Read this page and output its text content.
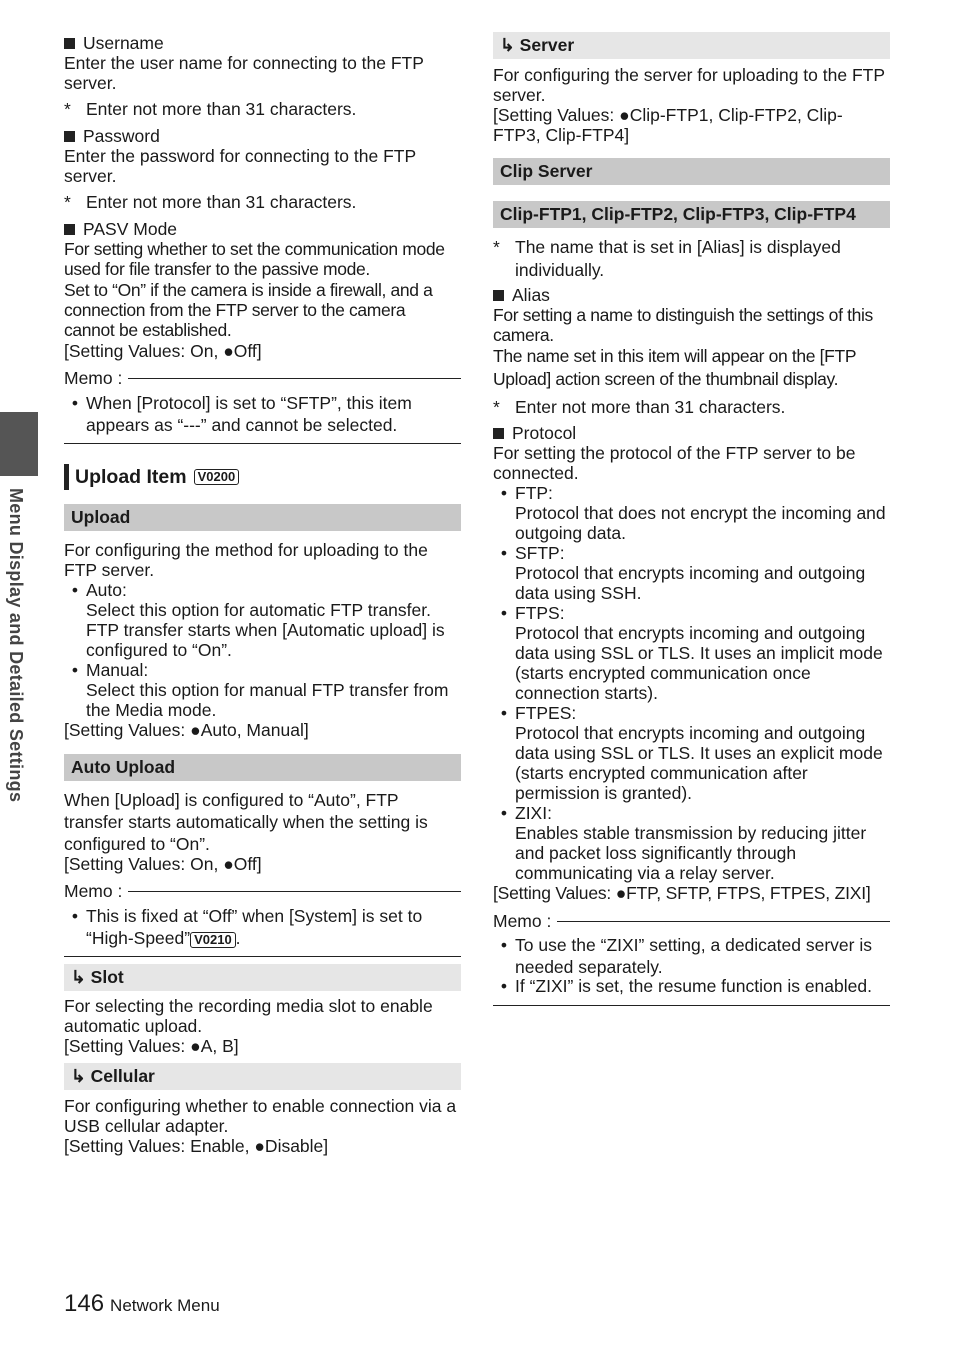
Menu Display and Detailed Settings
Username
Enter the user name for connecting to the FTP
server.
* Enter not more than 31 characters.
Password
Enter the password for connecting to the FTP
server.
* Enter not more than 31 characters.
PASV Mode
For setting whether to set the communication mode
used for file transfer to the passive mode.
Set to “On” if the camera is inside a firewall, and a
connection from the FTP server to the camera
cannot be established.
[Setting Values: On, ●Off]
Memo :
• When [Protocol] is set to “SFTP”, this item
appears as “---” and cannot be selected.
Upload Item V0200
Upload
For configuring the method for uploading to the
FTP server.
• Auto:
Select this option for automatic FTP transfer.
FTP transfer starts when [Automatic upload] is
configured to “On”.
• Manual:
Select this option for manual FTP transfer from
the Media mode.
[Setting Values: ●Auto, Manual]
Auto Upload
When [Upload] is configured to “Auto”, FTP
transfer starts automatically when the setting is
configured to “On”.
[Setting Values: On, ●Off]
Memo :
• This is fixed at “Off” when [System] is set to
“High-Speed” V0210 .
↳ Slot
For selecting the recording media slot to enable
automatic upload.
[Setting Values: ●A, B]
↳ Cellular
For configuring whether to enable connection via a
USB cellular adapter.
[Setting Values: Enable, ●Disable]
↳ Server
For configuring the server for uploading to the FTP
server.
[Setting Values: ●Clip-FTP1, Clip-FTP2, Clip-
FTP3, Clip-FTP4]
Clip Server
Clip-FTP1, Clip-FTP2, Clip-FTP3, Clip-FTP4
* The name that is set in [Alias] is displayed
individually.
Alias
For setting a name to distinguish the settings of this
camera.
The name set in this item will appear on the [FTP
Upload] action screen of the thumbnail display.
* Enter not more than 31 characters.
Protocol
For setting the protocol of the FTP server to be
connected.
• FTP:
Protocol that does not encrypt the incoming and
outgoing data.
• SFTP:
Protocol that encrypts incoming and outgoing
data using SSH.
• FTPS:
Protocol that encrypts incoming and outgoing
data using SSL or TLS. It uses an implicit mode
(starts encrypted communication once
connection starts).
• FTPES:
Protocol that encrypts incoming and outgoing
data using SSL or TLS. It uses an explicit mode
(starts encrypted communication after
permission is granted).
• ZIXI:
Enables stable transmission by reducing jitter
and packet loss significantly through
communicating via a relay server.
[Setting Values: ●FTP, SFTP, FTPS, FTPES, ZIXI]
Memo :
• To use the “ZIXI” setting, a dedicated server is
needed separately.
• If “ZIXI” is set, the resume function is enabled.
146 Network Menu
